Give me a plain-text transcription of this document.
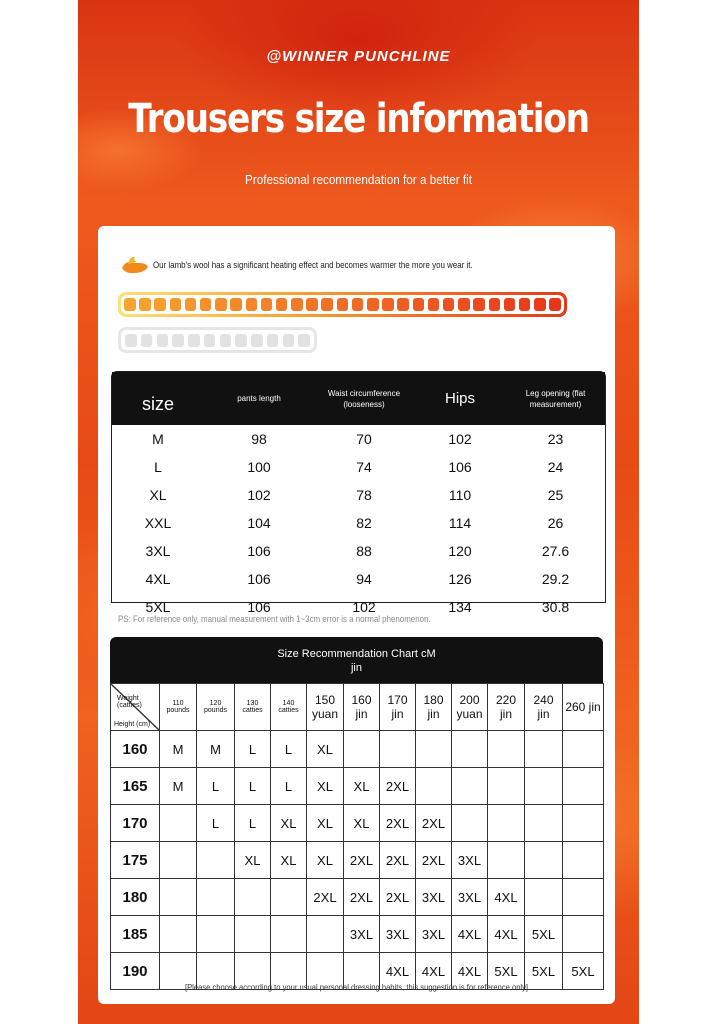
@WINNER PUNCHLINE
Trousers size information
Professional recommendation for a better fit
Our lamb's wool has a significant heating effect and becomes warmer the more you wear it.
size	pants length	Waist circumference (looseness)	Hips	Leg opening (flat measurement)
M	98	70	102	23
L	100	74	106	24
XL	102	78	110	25
XXL	104	82	114	26
3XL	106	88	120	27.6
4XL	106	94	126	29.2
5XL	106	102	134	30.8
PS: For reference only, manual measurement with 1~3cm error is a normal phenomenon.
Size Recommendation Chart cM
jin
Weight (catties)
Height (cm)	110 pounds	120 pounds	130 catties	140 catties	150 yuan	160 jin	170 jin	180 jin	200 yuan	220 jin	240 jin	260 jin
160	M	M	L	L	XL							
165	M	L	L	L	XL	XL	2XL					
170		L	L	XL	XL	XL	2XL	2XL				
175			XL	XL	XL	2XL	2XL	2XL	3XL			
180					2XL	2XL	2XL	3XL	3XL	4XL		
185						3XL	3XL	3XL	4XL	4XL	5XL	
190							4XL	4XL	4XL	5XL	5XL	5XL
[Please choose according to your usual personal dressing habits, this suggestion is for reference only]
